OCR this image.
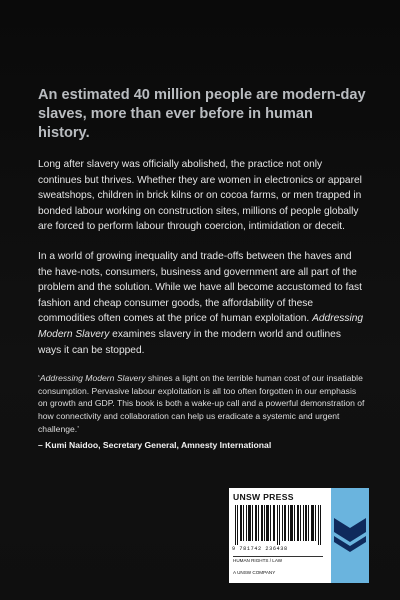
An estimated 40 million people are modern-day slaves, more than ever before in human history.

Long after slavery was officially abolished, the practice not only continues but thrives. Whether they are women in electronics or apparel sweatshops, children in brick kilns or on cocoa farms, or men trapped in bonded labour working on construction sites, millions of people globally are forced to perform labour through coercion, intimidation or deceit.

In a world of growing inequality and trade-offs between the haves and the have-nots, consumers, business and government are all part of the problem and the solution. While we have all become accustomed to fast fashion and cheap consumer goods, the affordability of these commodities often comes at the price of human exploitation. Addressing Modern Slavery examines slavery in the modern world and outlines ways it can be stopped.

‘Addressing Modern Slavery shines a light on the terrible human cost of our insatiable consumption. Pervasive labour exploitation is all too often forgotten in our emphasis on growth and GDP. This book is both a wake-up call and a powerful demonstration of how connectivity and collaboration can help us eradicate a systemic and urgent challenge.’

– Kumi Naidoo, Secretary General, Amnesty International

UNSW PRESS
9 781742 236438
HUMAN RIGHTS / LAW
A UNSW COMPANY
